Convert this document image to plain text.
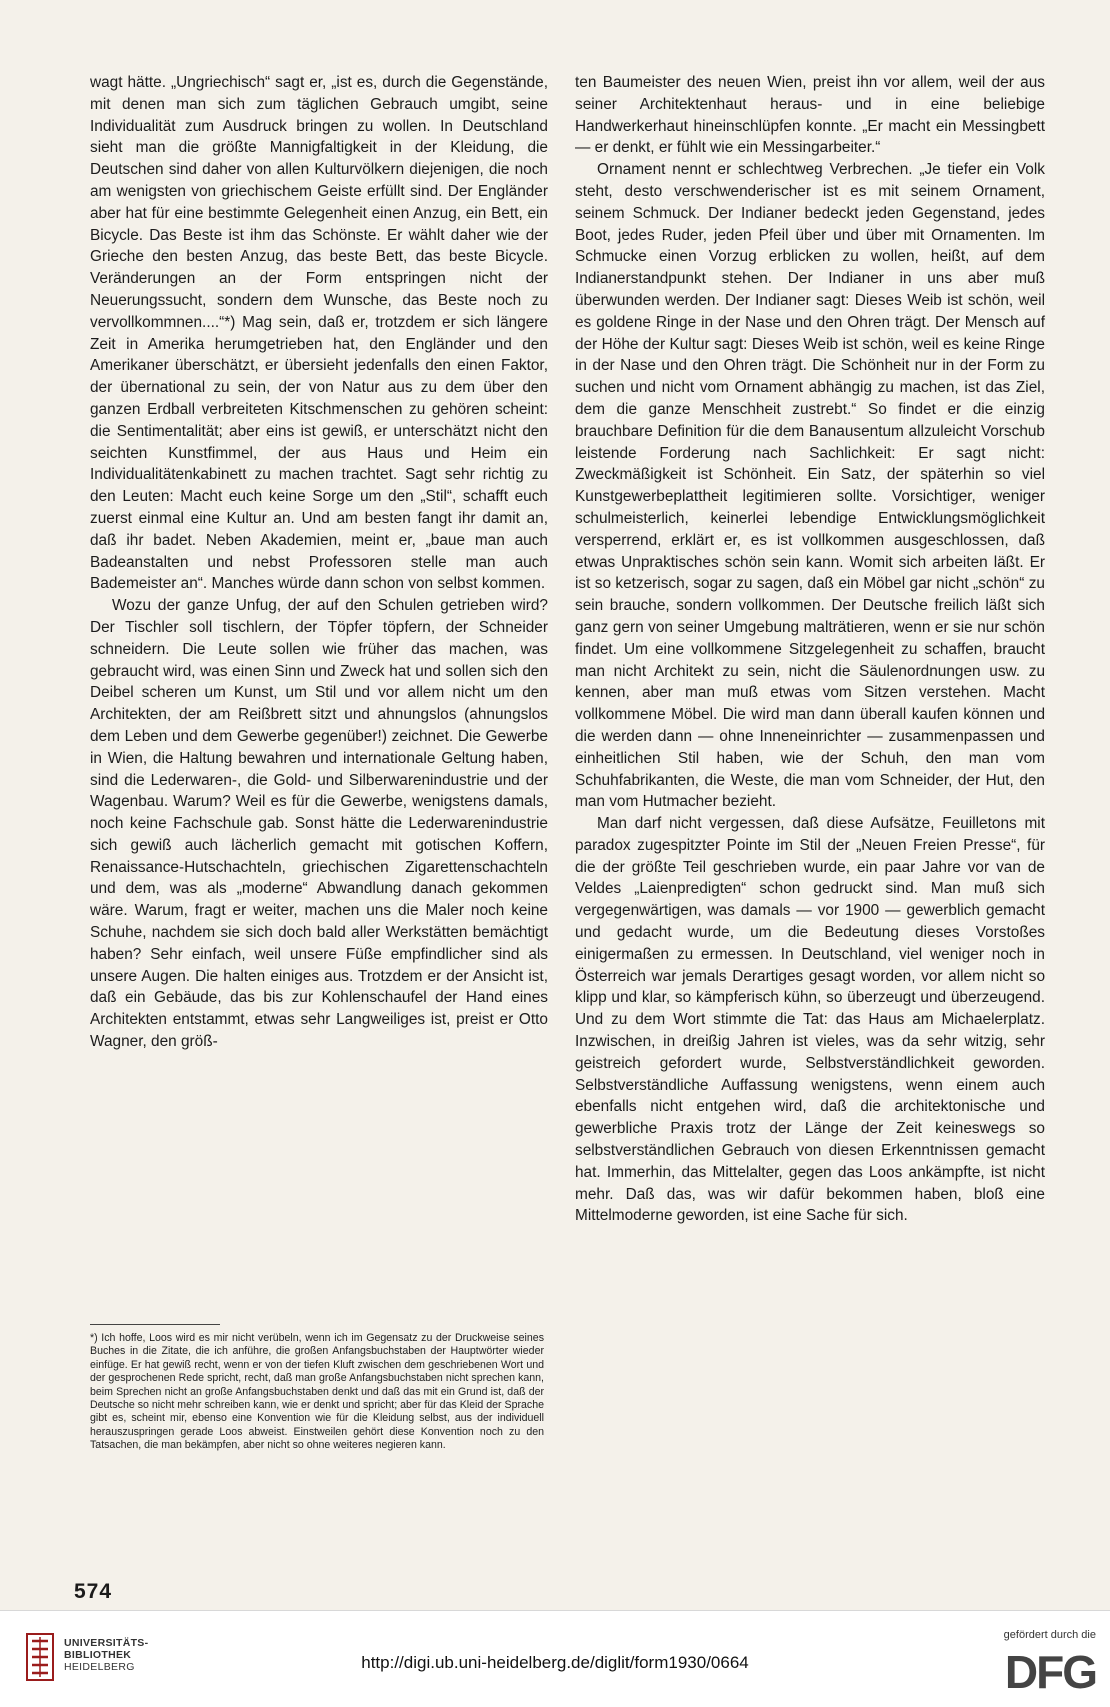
wagt hätte. „Ungriechisch“ sagt er, „ist es, durch die Gegenstände, mit denen man sich zum täglichen Gebrauch umgibt, seine Individualität zum Ausdruck bringen zu wollen. In Deutschland sieht man die größte Mannigfaltigkeit in der Kleidung, die Deutschen sind daher von allen Kulturvölkern diejenigen, die noch am wenigsten von griechischem Geiste erfüllt sind. Der Engländer aber hat für eine bestimmte Gelegenheit einen Anzug, ein Bett, ein Bicycle. Das Beste ist ihm das Schönste. Er wählt daher wie der Grieche den besten Anzug, das beste Bett, das beste Bicycle. Veränderungen an der Form entspringen nicht der Neuerungssucht, sondern dem Wunsche, das Beste noch zu vervollkommnen....“*) Mag sein, daß er, trotzdem er sich längere Zeit in Amerika herumgetrieben hat, den Engländer und den Amerikaner überschätzt, er übersieht jedenfalls den einen Faktor, der übernational zu sein, der von Natur aus zu dem über den ganzen Erdball verbreiteten Kitschmenschen zu gehören scheint: die Sentimentalität; aber eins ist gewiß, er unterschätzt nicht den seichten Kunstfimmel, der aus Haus und Heim ein Individualitätenkabinett zu machen trachtet. Sagt sehr richtig zu den Leuten: Macht euch keine Sorge um den „Stil“, schafft euch zuerst einmal eine Kultur an. Und am besten fangt ihr damit an, daß ihr badet. Neben Akademien, meint er, „baue man auch Badeanstalten und nebst Professoren stelle man auch Bademeister an“. Manches würde dann schon von selbst kommen.

Wozu der ganze Unfug, der auf den Schulen getrieben wird? Der Tischler soll tischlern, der Töpfer töpfern, der Schneider schneidern. Die Leute sollen wie früher das machen, was gebraucht wird, was einen Sinn und Zweck hat und sollen sich den Deibel scheren um Kunst, um Stil und vor allem nicht um den Architekten, der am Reißbrett sitzt und ahnungslos (ahnungslos dem Leben und dem Gewerbe gegenüber!) zeichnet. Die Gewerbe in Wien, die Haltung bewahren und internationale Geltung haben, sind die Lederwaren-, die Gold- und Silberwarenindustrie und der Wagenbau. Warum? Weil es für die Gewerbe, wenigstens damals, noch keine Fachschule gab. Sonst hätte die Lederwarenindustrie sich gewiß auch lächerlich gemacht mit gotischen Koffern, Renaissance-Hutschachteln, griechischen Zigarettenschachteln und dem, was als „moderne“ Abwandlung danach gekommen wäre. Warum, fragt er weiter, machen uns die Maler noch keine Schuhe, nachdem sie sich doch bald aller Werkstätten bemächtigt haben? Sehr einfach, weil unsere Füße empfindlicher sind als unsere Augen. Die halten einiges aus. Trotzdem er der Ansicht ist, daß ein Gebäude, das bis zur Kohlenschaufel der Hand eines Architekten entstammt, etwas sehr Langweiliges ist, preist er Otto Wagner, den größ-

ten Baumeister des neuen Wien, preist ihn vor allem, weil der aus seiner Architektenhaut heraus- und in eine beliebige Handwerkerhaut hineinschlüpfen konnte. „Er macht ein Messingbett — er denkt, er fühlt wie ein Messingarbeiter.“

Ornament nennt er schlechtweg Verbrechen. „Je tiefer ein Volk steht, desto verschwenderischer ist es mit seinem Ornament, seinem Schmuck. Der Indianer bedeckt jeden Gegenstand, jedes Boot, jedes Ruder, jeden Pfeil über und über mit Ornamenten. Im Schmucke einen Vorzug erblicken zu wollen, heißt, auf dem Indianerstandpunkt stehen. Der Indianer in uns aber muß überwunden werden. Der Indianer sagt: Dieses Weib ist schön, weil es goldene Ringe in der Nase und den Ohren trägt. Der Mensch auf der Höhe der Kultur sagt: Dieses Weib ist schön, weil es keine Ringe in der Nase und den Ohren trägt. Die Schönheit nur in der Form zu suchen und nicht vom Ornament abhängig zu machen, ist das Ziel, dem die ganze Menschheit zustrebt.“ So findet er die einzig brauchbare Definition für die dem Banausentum allzuleicht Vorschub leistende Forderung nach Sachlichkeit: Er sagt nicht: Zweckmäßigkeit ist Schönheit. Ein Satz, der späterhin so viel Kunstgewerbeplattheit legitimieren sollte. Vorsichtiger, weniger schulmeisterlich, keinerlei lebendige Entwicklungsmöglichkeit versperrend, erklärt er, es ist vollkommen ausgeschlossen, daß etwas Unpraktisches schön sein kann. Womit sich arbeiten läßt. Er ist so ketzerisch, sogar zu sagen, daß ein Möbel gar nicht „schön“ zu sein brauche, sondern vollkommen. Der Deutsche freilich läßt sich ganz gern von seiner Umgebung malträtieren, wenn er sie nur schön findet. Um eine vollkommene Sitzgelegenheit zu schaffen, braucht man nicht Architekt zu sein, nicht die Säulenordnungen usw. zu kennen, aber man muß etwas vom Sitzen verstehen. Macht vollkommene Möbel. Die wird man dann überall kaufen können und die werden dann — ohne Inneneinrichter — zusammenpassen und einheitlichen Stil haben, wie der Schuh, den man vom Schuhfabrikanten, die Weste, die man vom Schneider, der Hut, den man vom Hutmacher bezieht.

Man darf nicht vergessen, daß diese Aufsätze, Feuilletons mit paradox zugespitzter Pointe im Stil der „Neuen Freien Presse“, für die der größte Teil geschrieben wurde, ein paar Jahre vor van de Veldes „Laienpredigten“ schon gedruckt sind. Man muß sich vergegenwärtigen, was damals — vor 1900 — gewerblich gemacht und gedacht wurde, um die Bedeutung dieses Vorstoßes einigermaßen zu ermessen. In Deutschland, viel weniger noch in Österreich war jemals Derartiges gesagt worden, vor allem nicht so klipp und klar, so kämpferisch kühn, so überzeugt und überzeugend. Und zu dem Wort stimmte die Tat: das Haus am Michaelerplatz. Inzwischen, in dreißig Jahren ist vieles, was da sehr witzig, sehr geistreich gefordert wurde, Selbstverständlichkeit geworden. Selbstverständliche Auffassung wenigstens, wenn einem auch ebenfalls nicht entgehen wird, daß die architektonische und gewerbliche Praxis trotz der Länge der Zeit keineswegs so selbstverständlichen Gebrauch von diesen Erkenntnissen gemacht hat. Immerhin, das Mittelalter, gegen das Loos ankämpfte, ist nicht mehr. Daß das, was wir dafür bekommen haben, bloß eine Mittelmoderne geworden, ist eine Sache für sich.

*) Ich hoffe, Loos wird es mir nicht verübeln, wenn ich im Gegensatz zu der Druckweise seines Buches in die Zitate, die ich anführe, die großen Anfangsbuchstaben der Hauptwörter wieder einfüge. Er hat gewiß recht, wenn er von der tiefen Kluft zwischen dem geschriebenen Wort und der gesprochenen Rede spricht, recht, daß man große Anfangsbuchstaben nicht sprechen kann, beim Sprechen nicht an große Anfangsbuchstaben denkt und daß das mit ein Grund ist, daß der Deutsche so nicht mehr schreiben kann, wie er denkt und spricht; aber für das Kleid der Sprache gibt es, scheint mir, ebenso eine Konvention wie für die Kleidung selbst, aus der individuell herauszuspringen gerade Loos abweist. Einstweilen gehört diese Konvention noch zu den Tatsachen, die man bekämpfen, aber nicht so ohne weiteres negieren kann.
574
UNIVERSITÄTS-
BIBLIOTHEK
HEIDELBERG	http://digi.ub.uni-heidelberg.de/diglit/form1930/0664
gefördert durch die
DFG
